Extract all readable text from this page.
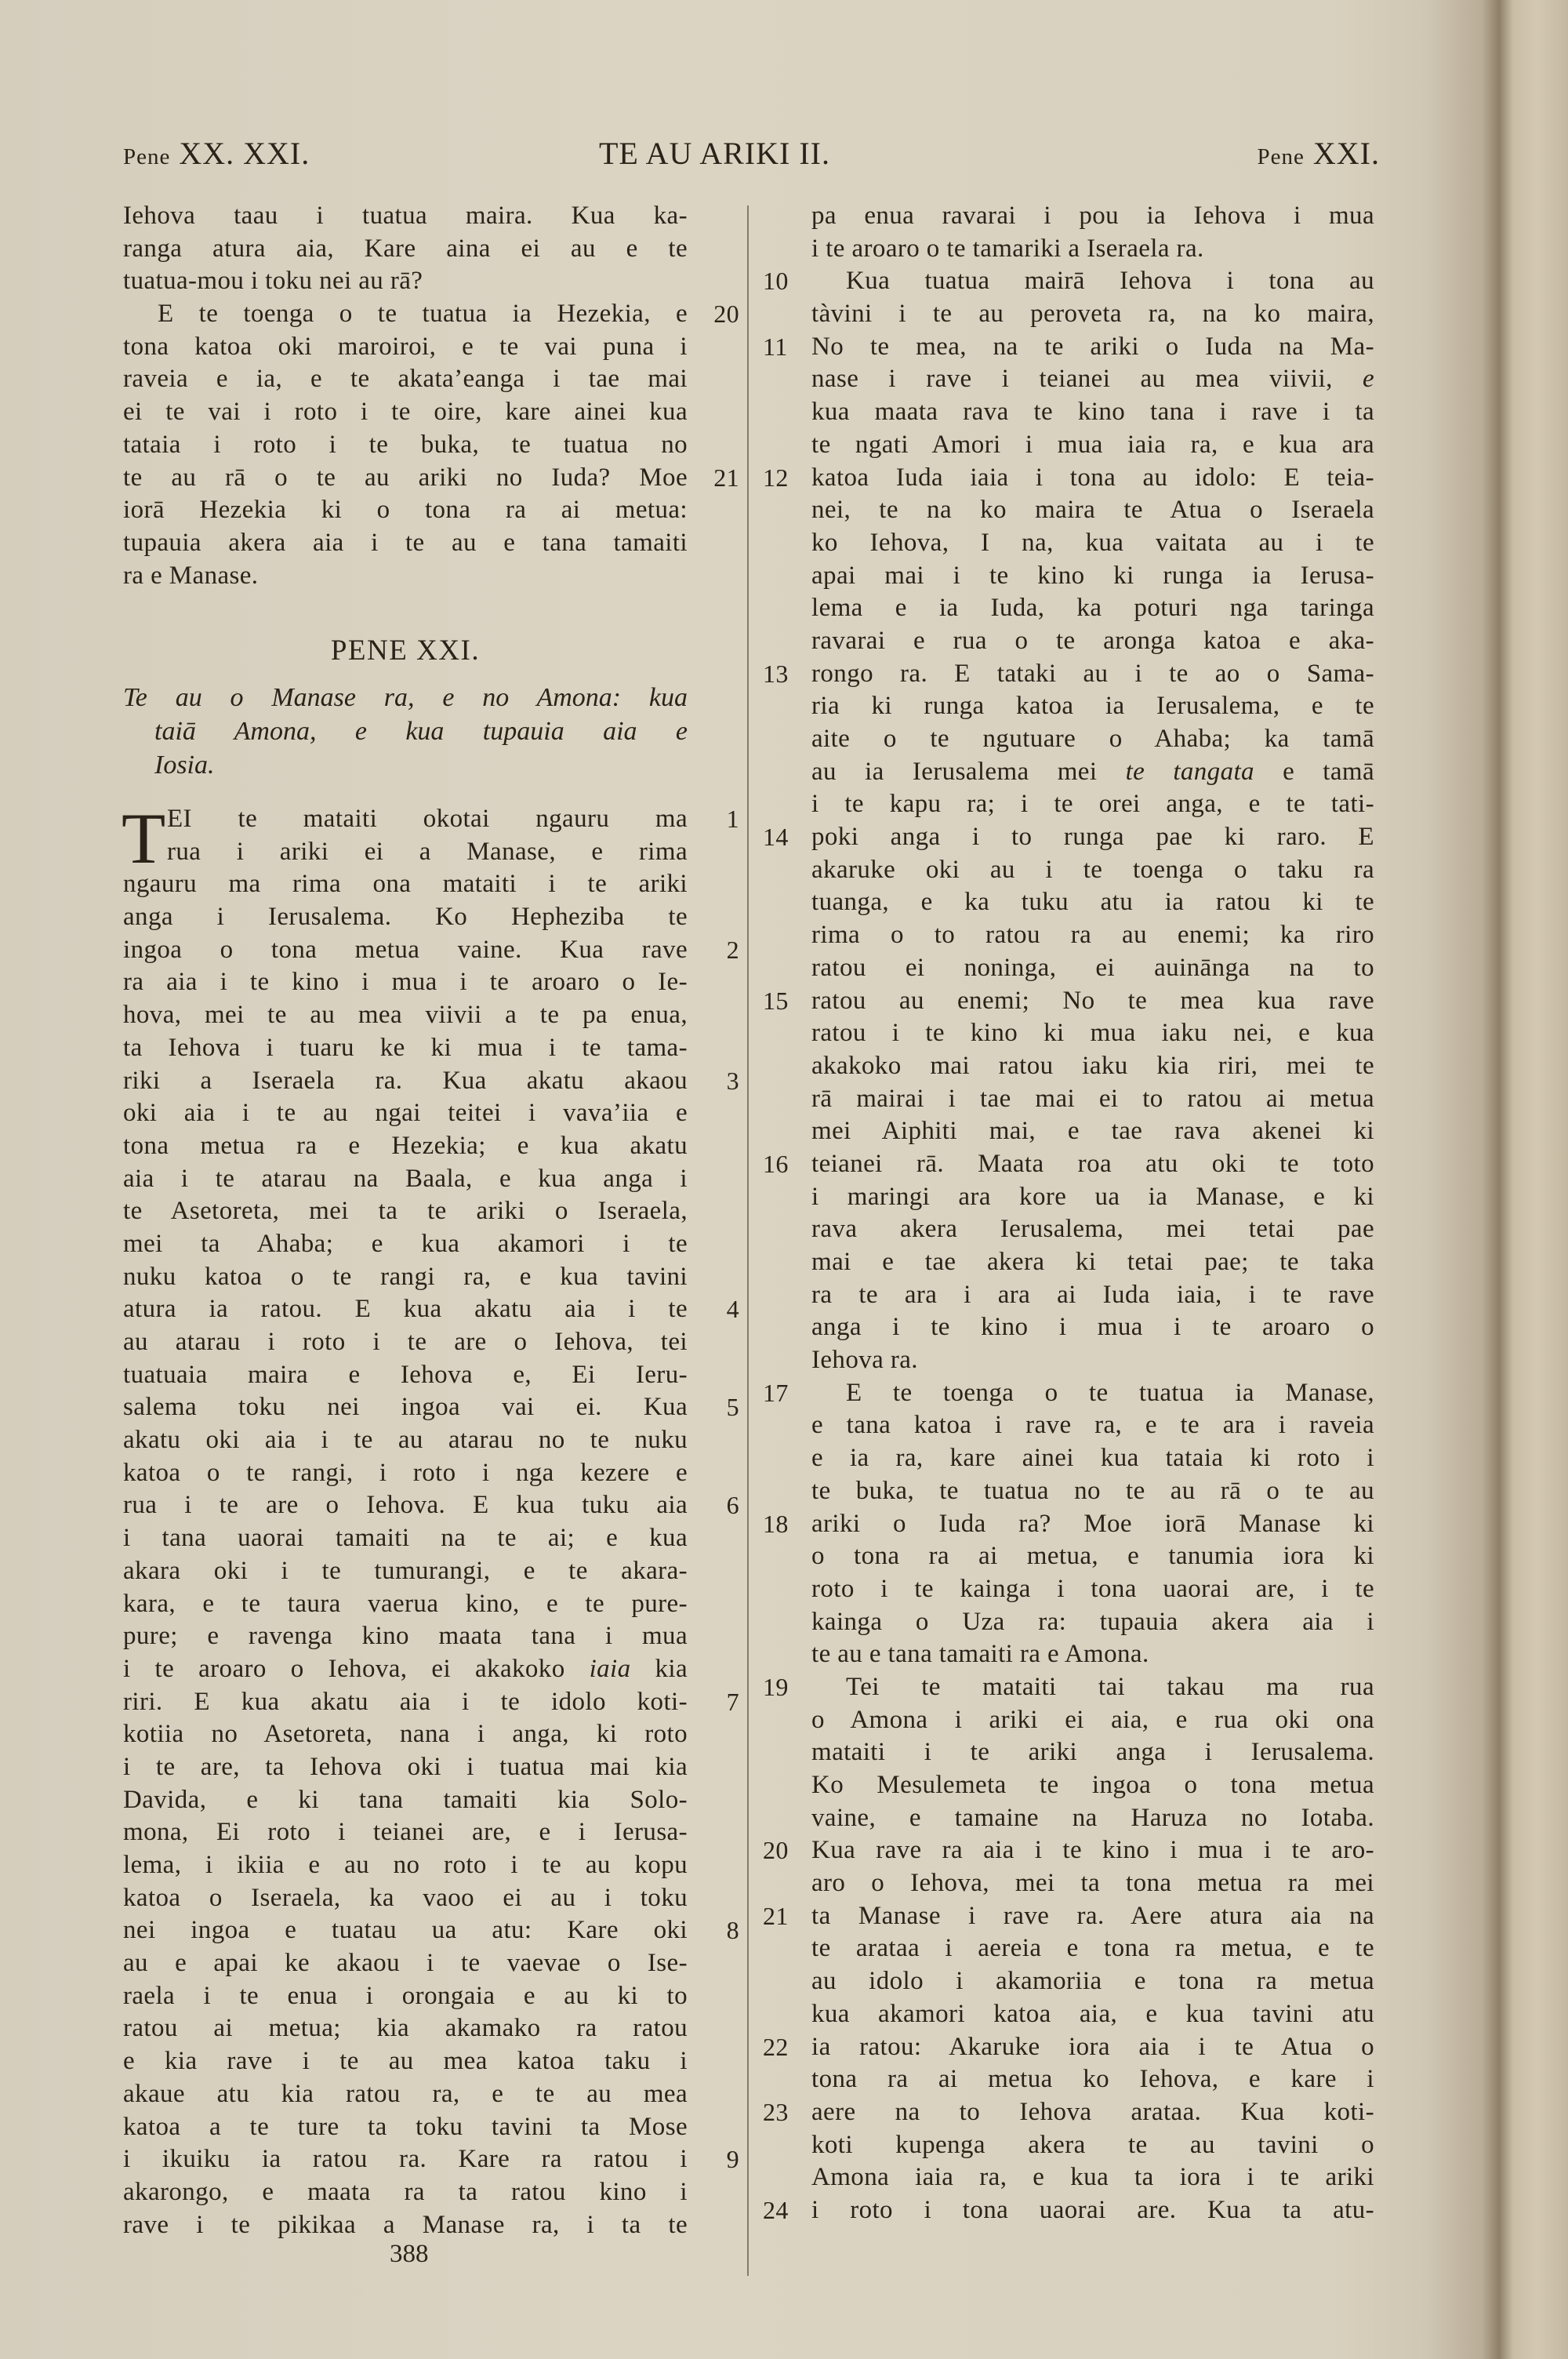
Pene XX. XXI.	TE AU ARIKI II.	Pene XXI.
Iehova taau i tuatua maira. Kua ka-
ranga atura aia, Kare aina ei au e te
tuatua-mou i toku nei au rā?
E te toenga o te tuatua ia Hezekia, e 20
tona katoa oki maroiroi, e te vai puna i
raveia e ia, e te akata’eanga i tae mai
ei te vai i roto i te oire, kare ainei kua
tataia i roto i te buka, te tuatua no
te au rā o te au ariki no Iuda? Moe 21
iorā Hezekia ki o tona ra ai metua:
tupauia akera aia i te au e tana tamaiti
ra e Manase.
PENE XXI.
Te au o Manase ra, e no Amona: kua
taiā Amona, e kua tupauia aia e
Iosia.
T EI te mataiti okotai ngauru ma 1
rua i ariki ei a Manase, e rima
ngauru ma rima ona mataiti i te ariki
anga i Ierusalema. Ko Hepheziba te
ingoa o tona metua vaine. Kua rave 2
ra aia i te kino i mua i te aroaro o Ie-
hova, mei te au mea viivii a te pa enua,
ta Iehova i tuaru ke ki mua i te tama-
riki a Iseraela ra. Kua akatu akaou 3
oki aia i te au ngai teitei i vava’iia e
tona metua ra e Hezekia; e kua akatu
aia i te atarau na Baala, e kua anga i
te Asetoreta, mei ta te ariki o Iseraela,
mei ta Ahaba; e kua akamori i te
nuku katoa o te rangi ra, e kua tavini
atura ia ratou. E kua akatu aia i te 4
au atarau i roto i te are o Iehova, tei
tuatuaia maira e Iehova e, Ei Ieru-
salema toku nei ingoa vai ei. Kua 5
akatu oki aia i te au atarau no te nuku
katoa o te rangi, i roto i nga kezere e
rua i te are o Iehova. E kua tuku aia 6
i tana uaorai tamaiti na te ai; e kua
akara oki i te tumurangi, e te akara-
kara, e te taura vaerua kino, e te pure-
pure; e ravenga kino maata tana i mua
i te aroaro o Iehova, ei akakoko iaia kia
riri. E kua akatu aia i te idolo koti- 7
kotiia no Asetoreta, nana i anga, ki roto
i te are, ta Iehova oki i tuatua mai kia
Davida, e ki tana tamaiti kia Solo-
mona, Ei roto i teianei are, e i Ierusa-
lema, i ikiia e au no roto i te au kopu
katoa o Iseraela, ka vaoo ei au i toku
nei ingoa e tuatau ua atu: Kare oki 8
au e apai ke akaou i te vaevae o Ise-
raela i te enua i orongaia e au ki to
ratou ai metua; kia akamako ra ratou
e kia rave i te au mea katoa taku i
akaue atu kia ratou ra, e te au mea
katoa a te ture ta toku tavini ta Mose
i ikuiku ia ratou ra. Kare ra ratou i 9
akarongo, e maata ra ta ratou kino i
rave i te pikikaa a Manase ra, i ta te
pa enua ravarai i pou ia Iehova i mua
i te aroaro o te tamariki a Iseraela ra.
Kua tuatua mairā Iehova i tona au
10
tàvini i te au peroveta ra, na ko maira,
No te mea, na te ariki o Iuda na Ma-
11
nase i rave i teianei au mea viivii, e
kua maata rava te kino tana i rave i ta
te ngati Amori i mua iaia ra, e kua ara
katoa Iuda iaia i tona au idolo: E teia-
12
nei, te na ko maira te Atua o Iseraela
ko Iehova, I na, kua vaitata au i te
apai mai i te kino ki runga ia Ierusa-
lema e ia Iuda, ka poturi nga taringa
ravarai e rua o te aronga katoa e aka-
rongo ra. E tataki au i te ao o Sama-
13
ria ki runga katoa ia Ierusalema, e te
aite o te ngutuare o Ahaba; ka tamā
au ia Ierusalema mei te tangata e tamā
i te kapu ra; i te orei anga, e te tati-
poki anga i to runga pae ki raro. E
14
akaruke oki au i te toenga o taku ra
tuanga, e ka tuku atu ia ratou ki te
rima o to ratou ra au enemi; ka riro
ratou ei noninga, ei auinānga na to
ratou au enemi; No te mea kua rave
15
ratou i te kino ki mua iaku nei, e kua
akakoko mai ratou iaku kia riri, mei te
rā mairai i tae mai ei to ratou ai metua
mei Aiphiti mai, e tae rava akenei ki
teianei rā. Maata roa atu oki te toto
16
i maringi ara kore ua ia Manase, e ki
rava akera Ierusalema, mei tetai pae
mai e tae akera ki tetai pae; te taka
ra te ara i ara ai Iuda iaia, i te rave
anga i te kino i mua i te aroaro o
Iehova ra.
E te toenga o te tuatua ia Manase,
17
e tana katoa i rave ra, e te ara i raveia
e ia ra, kare ainei kua tataia ki roto i
te buka, te tuatua no te au rā o te au
ariki o Iuda ra? Moe iorā Manase ki
18
o tona ra ai metua, e tanumia iora ki
roto i te kainga i tona uaorai are, i te
kainga o Uza ra: tupauia akera aia i
te au e tana tamaiti ra e Amona.
Tei te mataiti tai takau ma rua
19
o Amona i ariki ei aia, e rua oki ona
mataiti i te ariki anga i Ierusalema.
Ko Mesulemeta te ingoa o tona metua
vaine, e tamaine na Haruza no Iotaba.
Kua rave ra aia i te kino i mua i te aro-
20
aro o Iehova, mei ta tona metua ra mei
ta Manase i rave ra. Aere atura aia na
21
te arataa i aereia e tona ra metua, e te
au idolo i akamoriia e tona ra metua
kua akamori katoa aia, e kua tavini atu
ia ratou: Akaruke iora aia i te Atua o
22
tona ra ai metua ko Iehova, e kare i
aere na to Iehova arataa. Kua koti-
23
koti kupenga akera te au tavini o
Amona iaia ra, e kua ta iora i te ariki
i roto i tona uaorai are. Kua ta atu-
24
388
